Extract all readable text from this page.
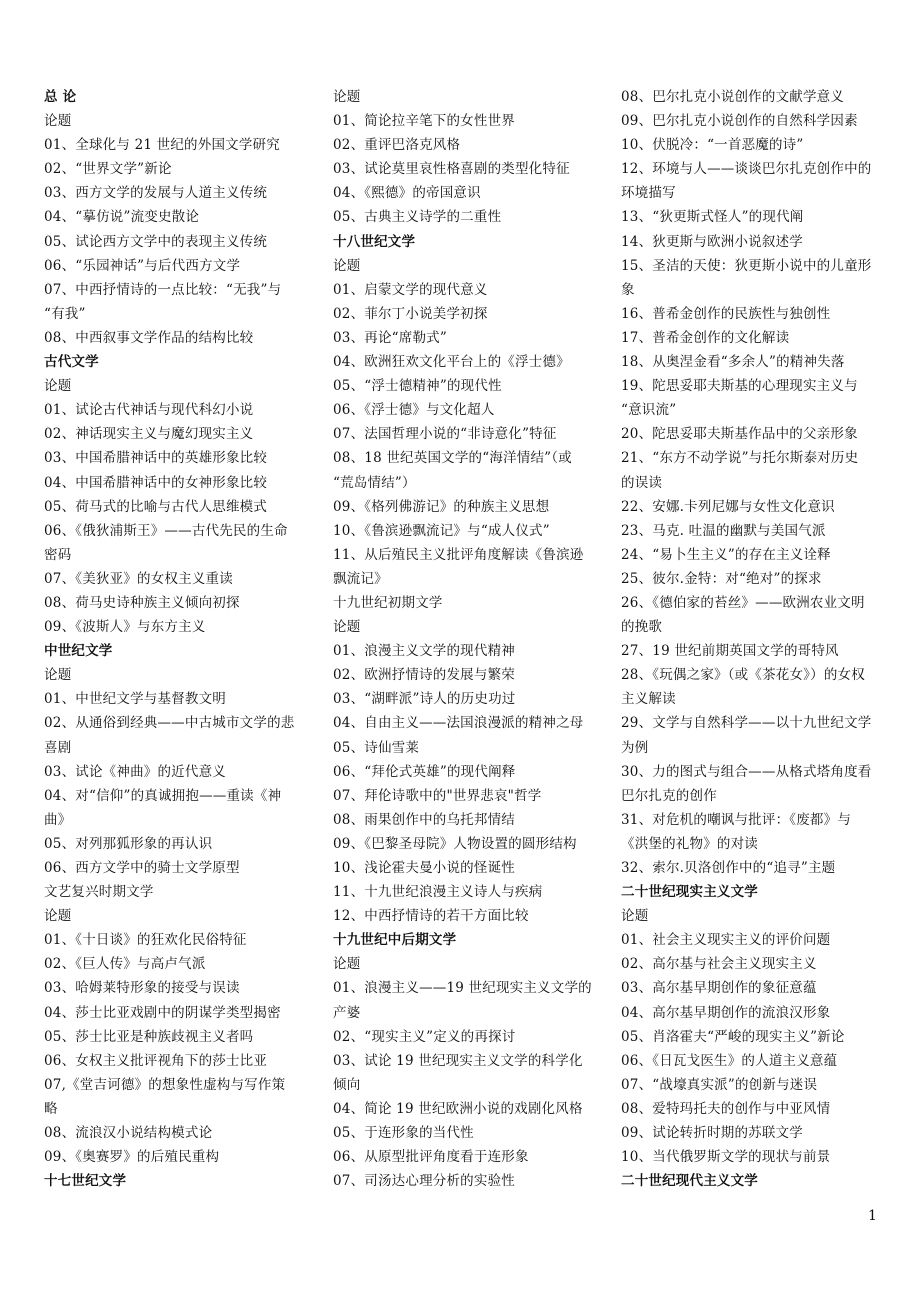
总 论
论题
01、全球化与 21 世纪的外国文学研究
02、“世界文学”新论
03、西方文学的发展与人道主义传统
04、“摹仿说”流变史散论
05、试论西方文学中的表现主义传统
06、“乐园神话”与后代西方文学
07、中西抒情诗的一点比较：“无我”与
“有我”
08、中西叙事文学作品的结构比较
古代文学
论题
01、试论古代神话与现代科幻小说
02、神话现实主义与魔幻现实主义
03、中国希腊神话中的英雄形象比较
04、中国希腊神话中的女神形象比较
05、荷马式的比喻与古代人思维模式
06、《俄狄浦斯王》——古代先民的生命
密码
07、《美狄亚》的女权主义重读
08、荷马史诗种族主义倾向初探
09、《波斯人》与东方主义
中世纪文学
论题
01、中世纪文学与基督教文明
02、从通俗到经典——中古城市文学的悲
喜剧
03、试论《神曲》的近代意义
04、对“信仰”的真诚拥抱——重读《神
曲》
05、对列那狐形象的再认识
06、西方文学中的骑士文学原型
文艺复兴时期文学
论题
01、《十日谈》的狂欢化民俗特征
02、《巨人传》与高卢气派
03、哈姆莱特形象的接受与误读
04、莎士比亚戏剧中的阴谋学类型揭密
05、莎士比亚是种族歧视主义者吗
06、女权主义批评视角下的莎士比亚
07,《堂吉诃德》的想象性虚构与写作策
略
08、流浪汉小说结构模式论
09、《奥赛罗》的后殖民重构
十七世纪文学
论题
01、简论拉辛笔下的女性世界
02、重评巴洛克风格
03、试论莫里哀性格喜剧的类型化特征
04、《熙德》的帝国意识
05、古典主义诗学的二重性
十八世纪文学
论题
01、启蒙文学的现代意义
02、菲尔丁小说美学初探
03、再论“席勒式”
04、欧洲狂欢文化平台上的《浮士德》
05、“浮士德精神”的现代性
06、《浮士德》与文化超人
07、法国哲理小说的“非诗意化”特征
08、18 世纪英国文学的“海洋情结”（或
“荒岛情结”）
09、《格列佛游记》的种族主义思想
10、《鲁滨逊飘流记》与“成人仪式”
11、从后殖民主义批评角度解读《鲁滨逊
飘流记》
十九世纪初期文学
论题
01、浪漫主义文学的现代精神
02、欧洲抒情诗的发展与繁荣
03、“湖畔派”诗人的历史功过
04、自由主义——法国浪漫派的精神之母
05、诗仙雪莱
06、“拜伦式英雄”的现代阐释
07、拜伦诗歌中的"世界悲哀"哲学
08、雨果创作中的乌托邦情结
09、《巴黎圣母院》人物设置的圆形结构
10、浅论霍夫曼小说的怪诞性
11、十九世纪浪漫主义诗人与疾病
12、中西抒情诗的若干方面比较
十九世纪中后期文学
论题
01、浪漫主义——19 世纪现实主义文学的
产婆
02、“现实主义”定义的再探讨
03、试论 19 世纪现实主义文学的科学化
倾向
04、简论 19 世纪欧洲小说的戏剧化风格
05、于连形象的当代性
06、从原型批评角度看于连形象
07、司汤达心理分析的实验性
08、巴尔扎克小说创作的文献学意义
09、巴尔扎克小说创作的自然科学因素
10、伏脱冷：“一首恶魔的诗”
12、环境与人——谈谈巴尔扎克创作中的
环境描写
13、“狄更斯式怪人”的现代阐
14、狄更斯与欧洲小说叙述学
15、圣洁的天使：狄更斯小说中的儿童形
象
16、普希金创作的民族性与独创性
17、普希金创作的文化解读
18、从奥涅金看“多余人”的精神失落
19、陀思妥耶夫斯基的心理现实主义与
“意识流”
20、陀思妥耶夫斯基作品中的父亲形象
21、“东方不动学说”与托尔斯泰对历史
的误读
22、安娜.卡列尼娜与女性文化意识
23、马克. 吐温的幽默与美国气派
24、“易卜生主义”的存在主义诠释
25、彼尔.金特：对“绝对”的探求
26、《德伯家的苔丝》——欧洲农业文明
的挽歌
27、19 世纪前期英国文学的哥特风
28、《玩偶之家》（或《茶花女》）的女权
主义解读
29、文学与自然科学——以十九世纪文学
为例
30、力的图式与组合——从格式塔角度看
巴尔扎克的创作
31、对危机的嘲讽与批评：《废都》与
《洪堡的礼物》的对读
32、索尔.贝洛创作中的“追寻”主题
二十世纪现实主义文学
论题
01、社会主义现实主义的评价问题
02、高尔基与社会主义现实主义
03、高尔基早期创作的象征意蕴
04、高尔基早期创作的流浪汉形象
05、肖洛霍夫“严峻的现实主义”新论
06、《日瓦戈医生》的人道主义意蕴
07、“战壕真实派”的创新与迷误
08、爱特玛托夫的创作与中亚风情
09、试论转折时期的苏联文学
10、当代俄罗斯文学的现状与前景
二十世纪现代主义文学
1
